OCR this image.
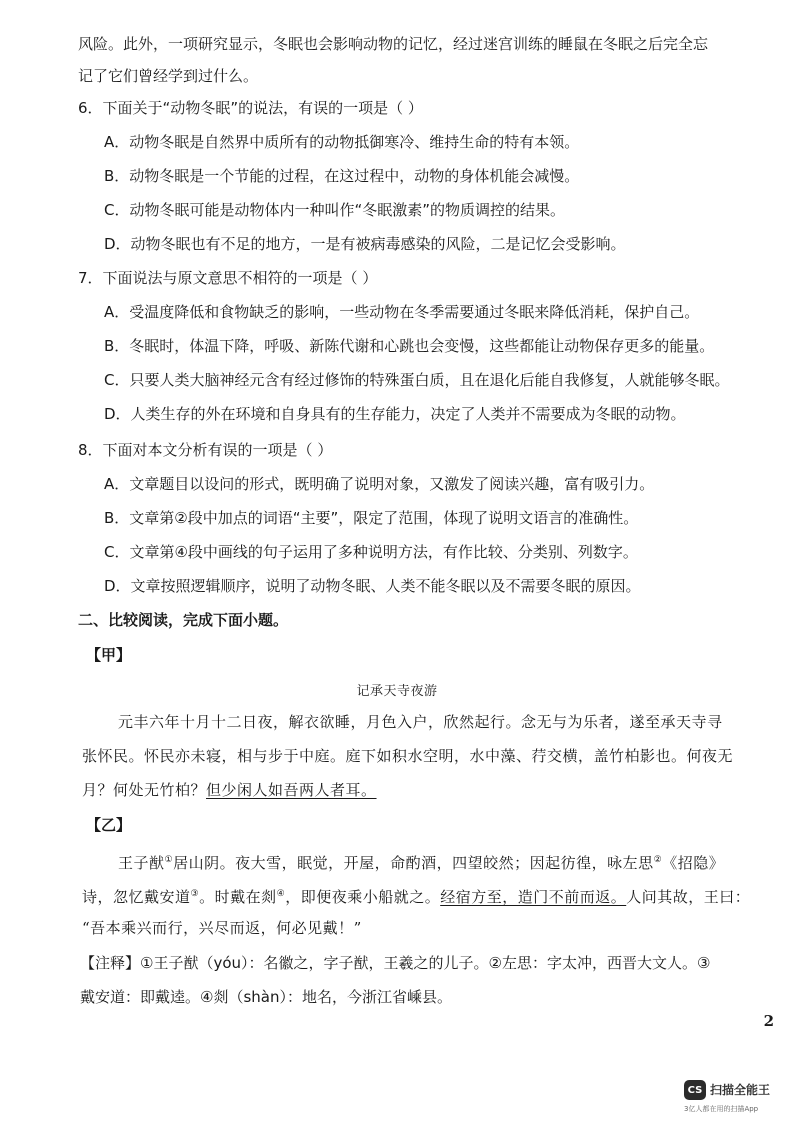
风险。此外，一项研究显示，冬眠也会影响动物的记忆，经过迷宫训练的睡鼠在冬眠之后完全忘
记了它们曾经学到过什么。
6．下面关于“动物冬眠”的说法，有误的一项是（ ）
A．动物冬眠是自然界中质所有的动物抵御寒冷、维持生命的特有本领。
B．动物冬眠是一个节能的过程，在这过程中，动物的身体机能会减慢。
C．动物冬眠可能是动物体内一种叫作“冬眠激素”的物质调控的结果。
D．动物冬眠也有不足的地方，一是有被病毒感染的风险，二是记忆会受影响。
7．下面说法与原文意思不相符的一项是（ ）
A．受温度降低和食物缺乏的影响，一些动物在冬季需要通过冬眠来降低消耗，保护自己。
B．冬眠时，体温下降，呼吸、新陈代谢和心跳也会变慢，这些都能让动物保存更多的能量。
C．只要人类大脑神经元含有经过修饰的特殊蛋白质，且在退化后能自我修复，人就能够冬眠。
D．人类生存的外在环境和自身具有的生存能力，决定了人类并不需要成为冬眠的动物。
8．下面对本文分析有误的一项是（ ）
A．文章题目以设问的形式，既明确了说明对象，又激发了阅读兴趣，富有吸引力。
B．文章第②段中加点的词语“主要”，限定了范围，体现了说明文语言的准确性。
C．文章第④段中画线的句子运用了多种说明方法，有作比较、分类别、列数字。
D．文章按照逻辑顺序，说明了动物冬眠、人类不能冬眠以及不需要冬眠的原因。
二、比较阅读，完成下面小题。
【甲】
记承天寺夜游
元丰六年十月十二日夜，解衣欲睡，月色入户，欣然起行。念无与为乐者，遂至承天寺寻
张怀民。怀民亦未寝，相与步于中庭。庭下如积水空明，水中藻、荇交横，盖竹柏影也。何夜无
月？何处无竹柏？但少闲人如吾两人者耳。
【乙】
王子猷①居山阴。夜大雪，眠觉，开屋，命酌酒，四望皎然；因起彷徨，咏左思②《招隐》
诗，忽忆戴安道③。时戴在剡④，即便夜乘小船就之。经宿方至，造门不前而返。人问其故，王曰：
“吾本乘兴而行，兴尽而返，何必见戴！”
【注释】①王子猷（yóu）：名徽之，字子猷，王羲之的儿子。②左思：字太冲，西晋大文人。③
戴安道：即戴逵。④剡（shàn）：地名，今浙江省嵊县。
2
CS 扫描全能王
3亿人都在用的扫描App
